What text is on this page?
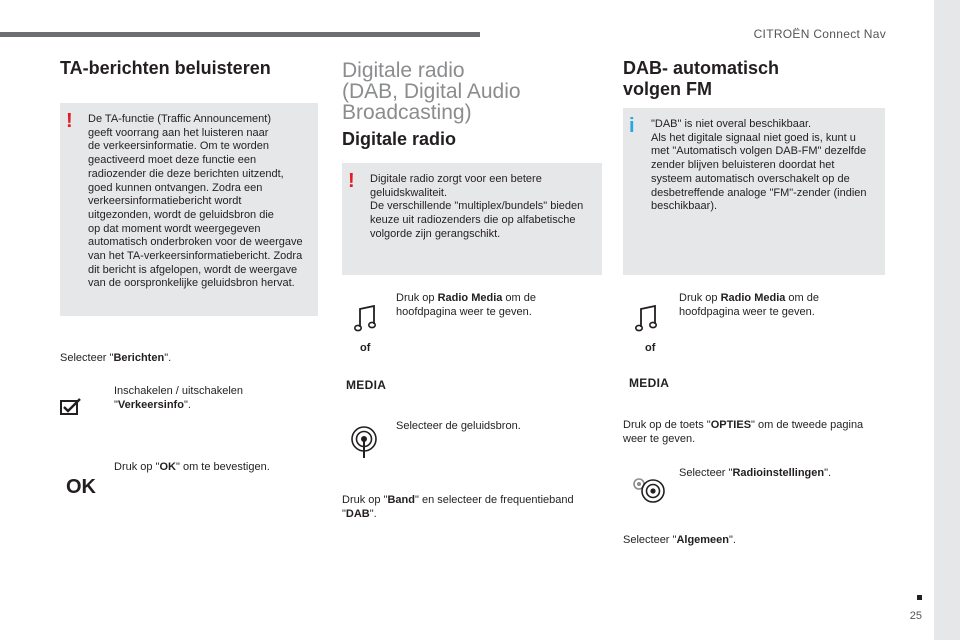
CITROËN Connect Nav
25
TA-berichten beluisteren
! De TA-functie (Traffic Announcement)
geeft voorrang aan het luisteren naar
de verkeersinformatie. Om te worden
geactiveerd moet deze functie een
radiozender die deze berichten uitzendt,
goed kunnen ontvangen. Zodra een
verkeersinformatiebericht wordt
uitgezonden, wordt de geluidsbron die
op dat moment wordt weergegeven
automatisch onderbroken voor de weergave
van het TA-verkeersinformatiebericht. Zodra
dit bericht is afgelopen, wordt de weergave
van de oorspronkelijke geluidsbron hervat.
Selecteer "Berichten".
Inschakelen / uitschakelen
"Verkeersinfo".
OK
Druk op "OK" om te bevestigen.
Digitale radio
(DAB, Digital Audio
Broadcasting)
Digitale radio
! Digitale radio zorgt voor een betere
geluidskwaliteit.
De verschillende "multiplex/bundels" bieden
keuze uit radiozenders die op alfabetische
volgorde zijn gerangschikt.
Druk op Radio Media om de
hoofdpagina weer te geven.
of
MEDIA
Selecteer de geluidsbron.
Druk op "Band" en selecteer de frequentieband
"DAB".
DAB- automatisch
volgen FM
i "DAB" is niet overal beschikbaar.
Als het digitale signaal niet goed is, kunt u
met "Automatisch volgen DAB-FM" dezelfde
zender blijven beluisteren doordat het
systeem automatisch overschakelt op de
desbetreffende analoge "FM"-zender (indien
beschikbaar).
Druk op Radio Media om de
hoofdpagina weer te geven.
of
MEDIA
Druk op de toets "OPTIES" om de tweede pagina
weer te geven.
Selecteer "Radioinstellingen".
Selecteer "Algemeen".
